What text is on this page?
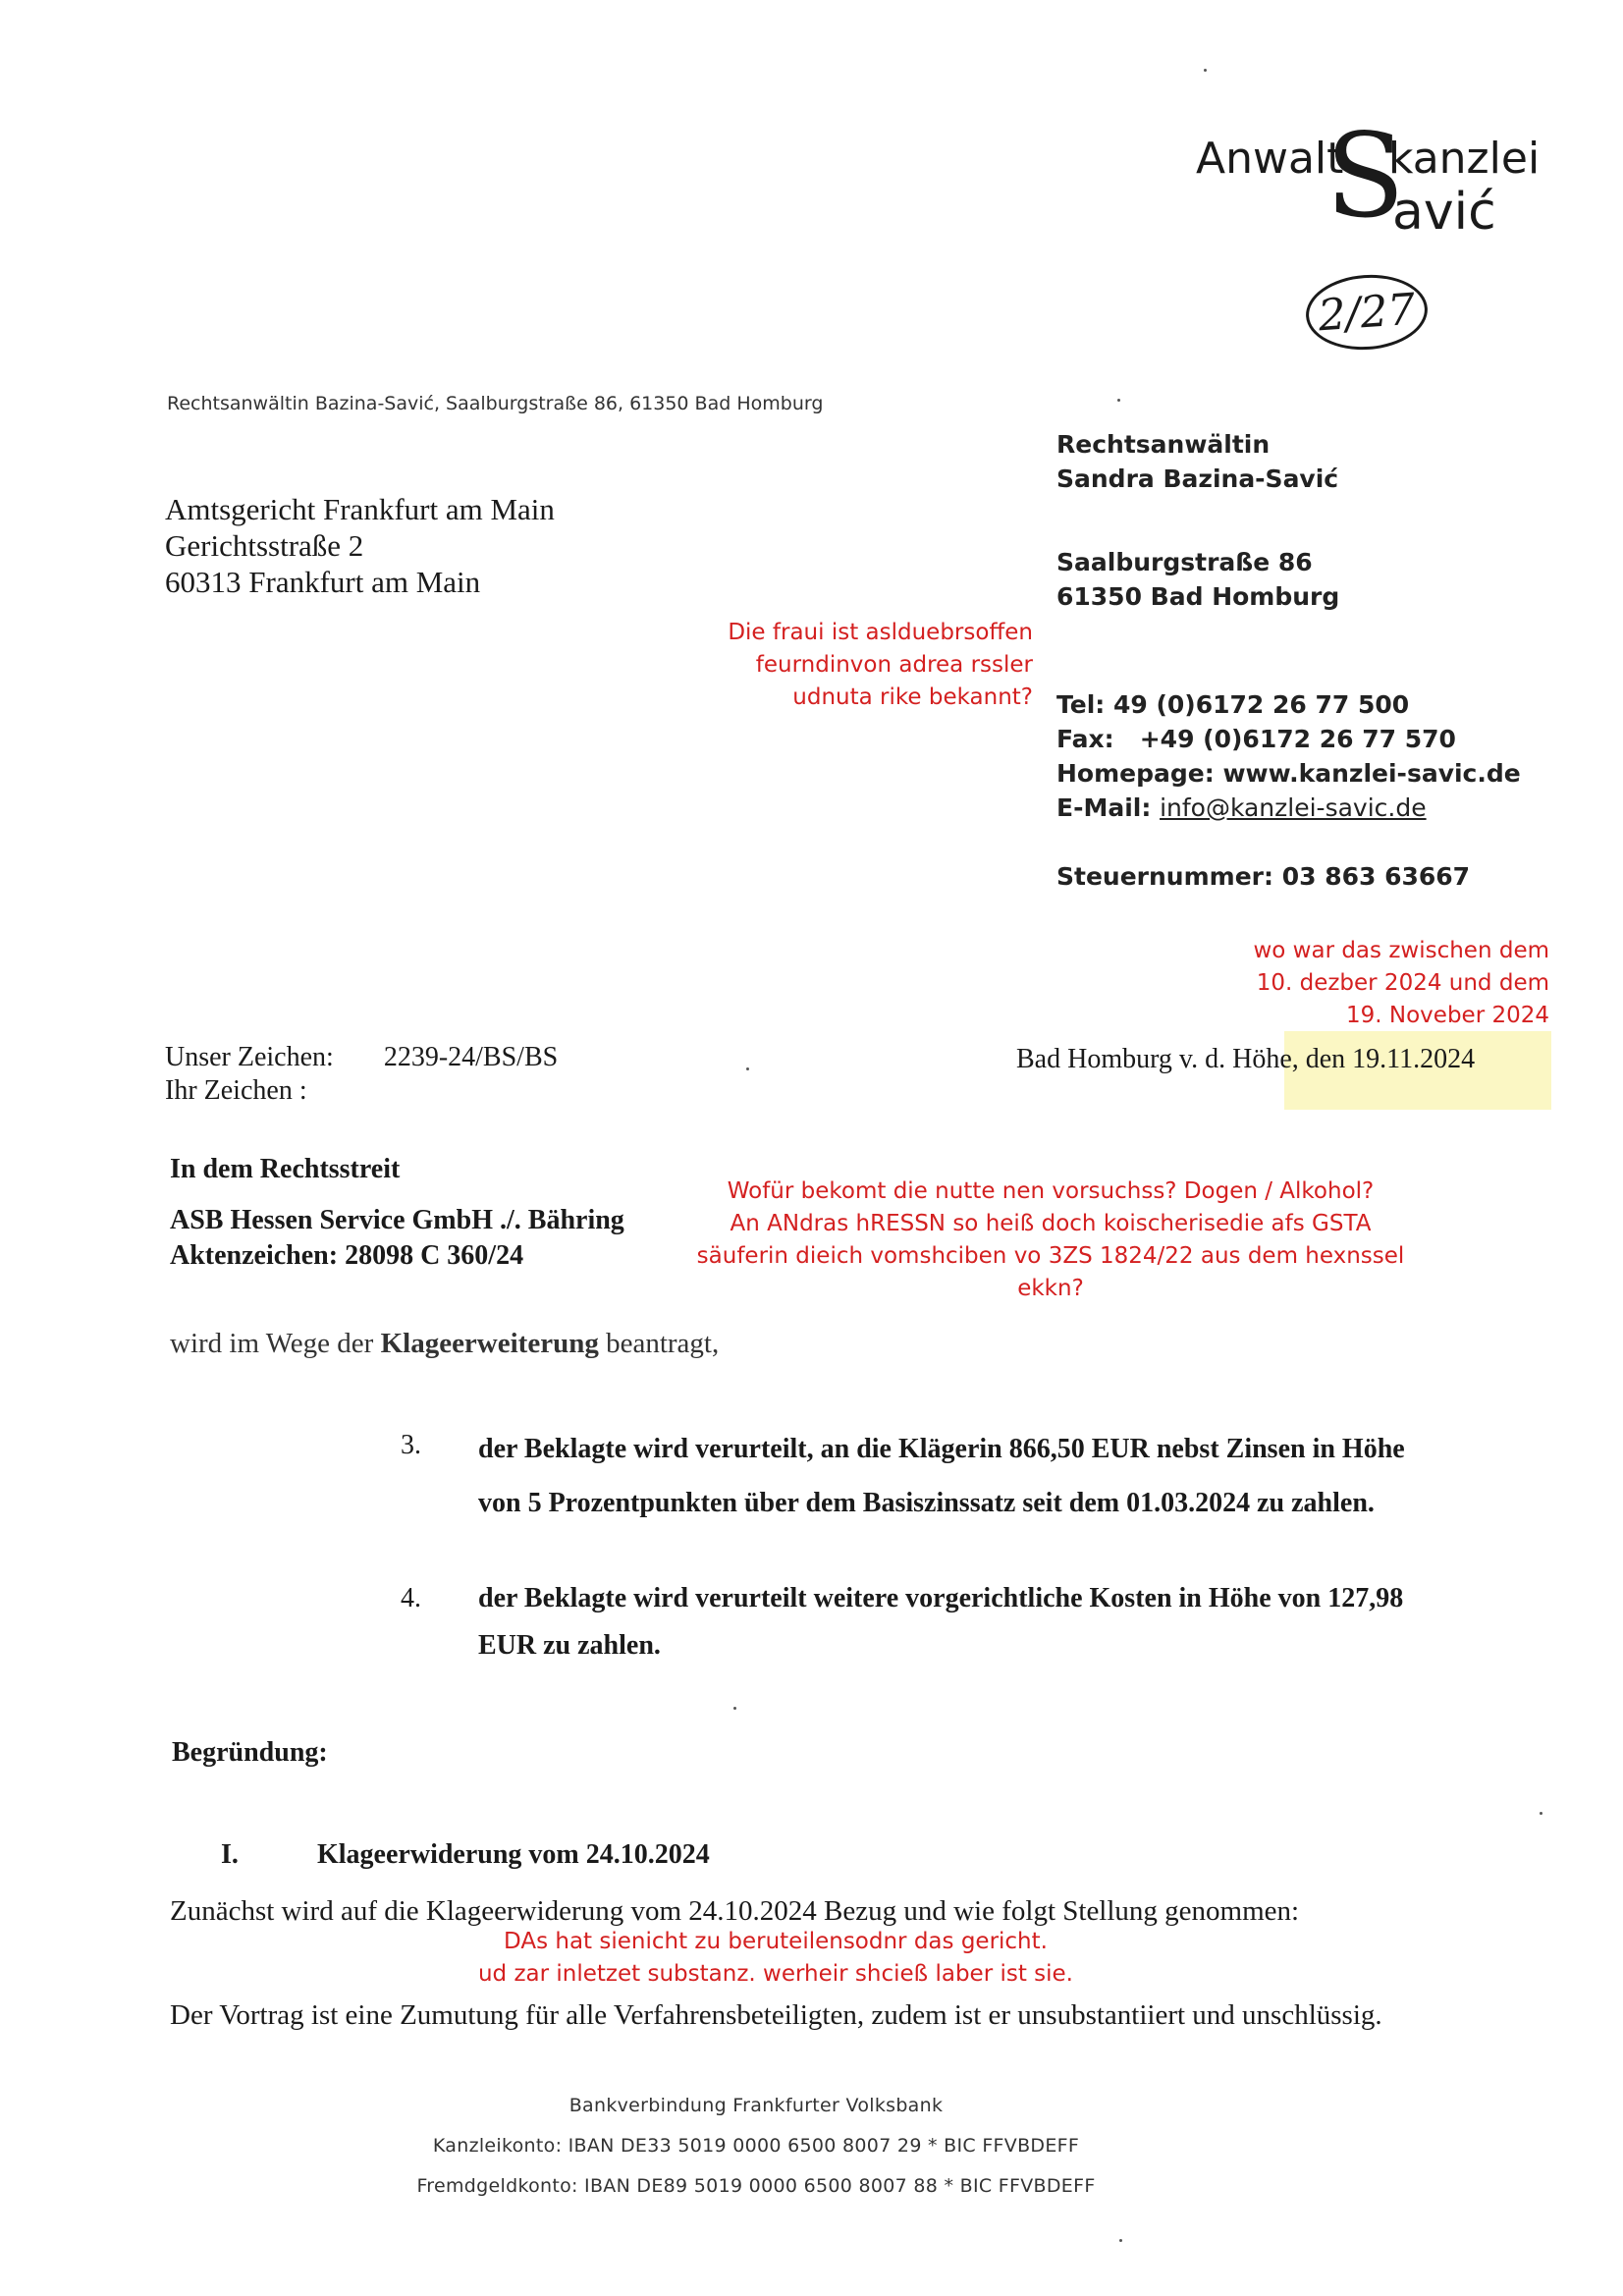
Anwalt
S
kanzlei
avić
2/27
Rechtsanwältin Bazina-Savić, Saalburgstraße 86, 61350 Bad Homburg
Amtsgericht Frankfurt am Main
Gerichtsstraße 2
60313 Frankfurt am Main
Rechtsanwältin
Sandra Bazina-Savić
Saalburgstraße 86
61350 Bad Homburg
Tel: 49 (0)6172 26 77 500
Fax: +49 (0)6172 26 77 570
Homepage: www.kanzlei-savic.de
E-Mail: info@kanzlei-savic.de
Steuernummer: 03 863 63667
Die fraui ist aslduebrsoffen
feurndinvon adrea rssler
udnuta rike bekannt?
wo war das zwischen dem
10. dezber 2024 und dem
19. Noveber 2024
Unser Zeichen: 2239-24/BS/BS
Ihr Zeichen :
Bad Homburg v. d. Höhe, den 19.11.2024
In dem Rechtsstreit
ASB Hessen Service GmbH ./. Bähring
Aktenzeichen: 28098 C 360/24
Wofür bekomt die nutte nen vorsuchss? Dogen / Alkohol?
An ANdras hRESSN so heiß doch koischerisedie afs GSTA
säuferin dieich vomshciben vo 3ZS 1824/22 aus dem hexnssel ekkn?
wird im Wege der Klageerweiterung beantragt,
3. der Beklagte wird verurteilt, an die Klägerin 866,50 EUR nebst Zinsen in Höhe
von 5 Prozentpunkten über dem Basiszinssatz seit dem 01.03.2024 zu zahlen.
4. der Beklagte wird verurteilt weitere vorgerichtliche Kosten in Höhe von 127,98
EUR zu zahlen.
Begründung:
I.	Klageerwiderung vom 24.10.2024
Zunächst wird auf die Klageerwiderung vom 24.10.2024 Bezug und wie folgt Stellung genommen:
DAs hat sienicht zu beruteilensodnr das gericht.
ud zar inletzet substanz. werheir shcieß laber ist sie.
Der Vortrag ist eine Zumutung für alle Verfahrensbeteiligten, zudem ist er unsubstantiiert und unschlüssig.
Bankverbindung Frankfurter Volksbank
Kanzleikonto: IBAN DE33 5019 0000 6500 8007 29 * BIC FFVBDEFF
Fremdgeldkonto: IBAN DE89 5019 0000 6500 8007 88 * BIC FFVBDEFF
